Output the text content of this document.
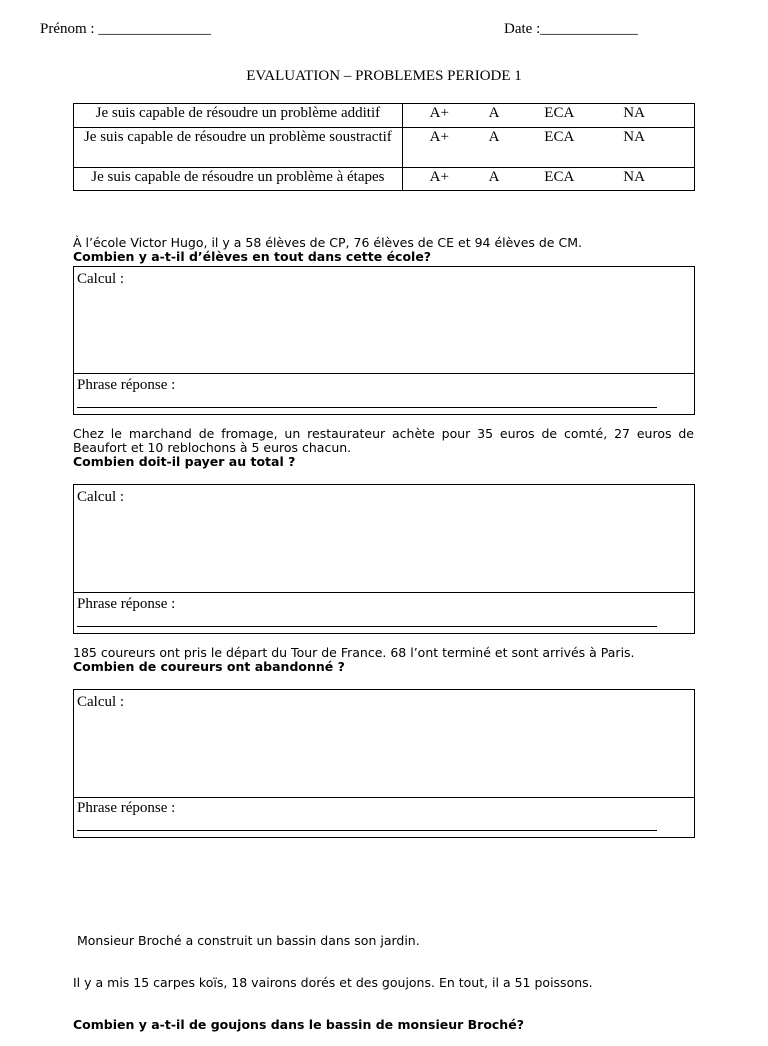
Prénom : _______________	Date :_____________
EVALUATION – PROBLEMES PERIODE 1
Je suis capable de résoudre un problème additif	A+	A	ECA	NA
Je suis capable de résoudre un problème soustractif	A+	A	ECA	NA
Je suis capable de résoudre un problème à étapes	A+	A	ECA	NA
À l’école Victor Hugo, il y a 58 élèves de CP, 76 élèves de CE et 94 élèves de CM.
Combien y a-t-il d’élèves en tout dans cette école?
Calcul :
Phrase réponse :
Chez le marchand de fromage, un restaurateur achète pour 35 euros de comté, 27 euros de Beaufort et 10 reblochons à 5 euros chacun.
Combien doit-il payer au total ?
Calcul :
Phrase réponse :
185 coureurs ont pris le départ du Tour de France. 68 l’ont terminé et sont arrivés à Paris.
Combien de coureurs ont abandonné ?
Calcul :
Phrase réponse :

Monsieur Broché a construit un bassin dans son jardin.

Il y a mis 15 carpes koïs, 18 vairons dorés et des goujons. En tout, il a 51 poissons.

Combien y a-t-il de goujons dans le bassin de monsieur Broché?
